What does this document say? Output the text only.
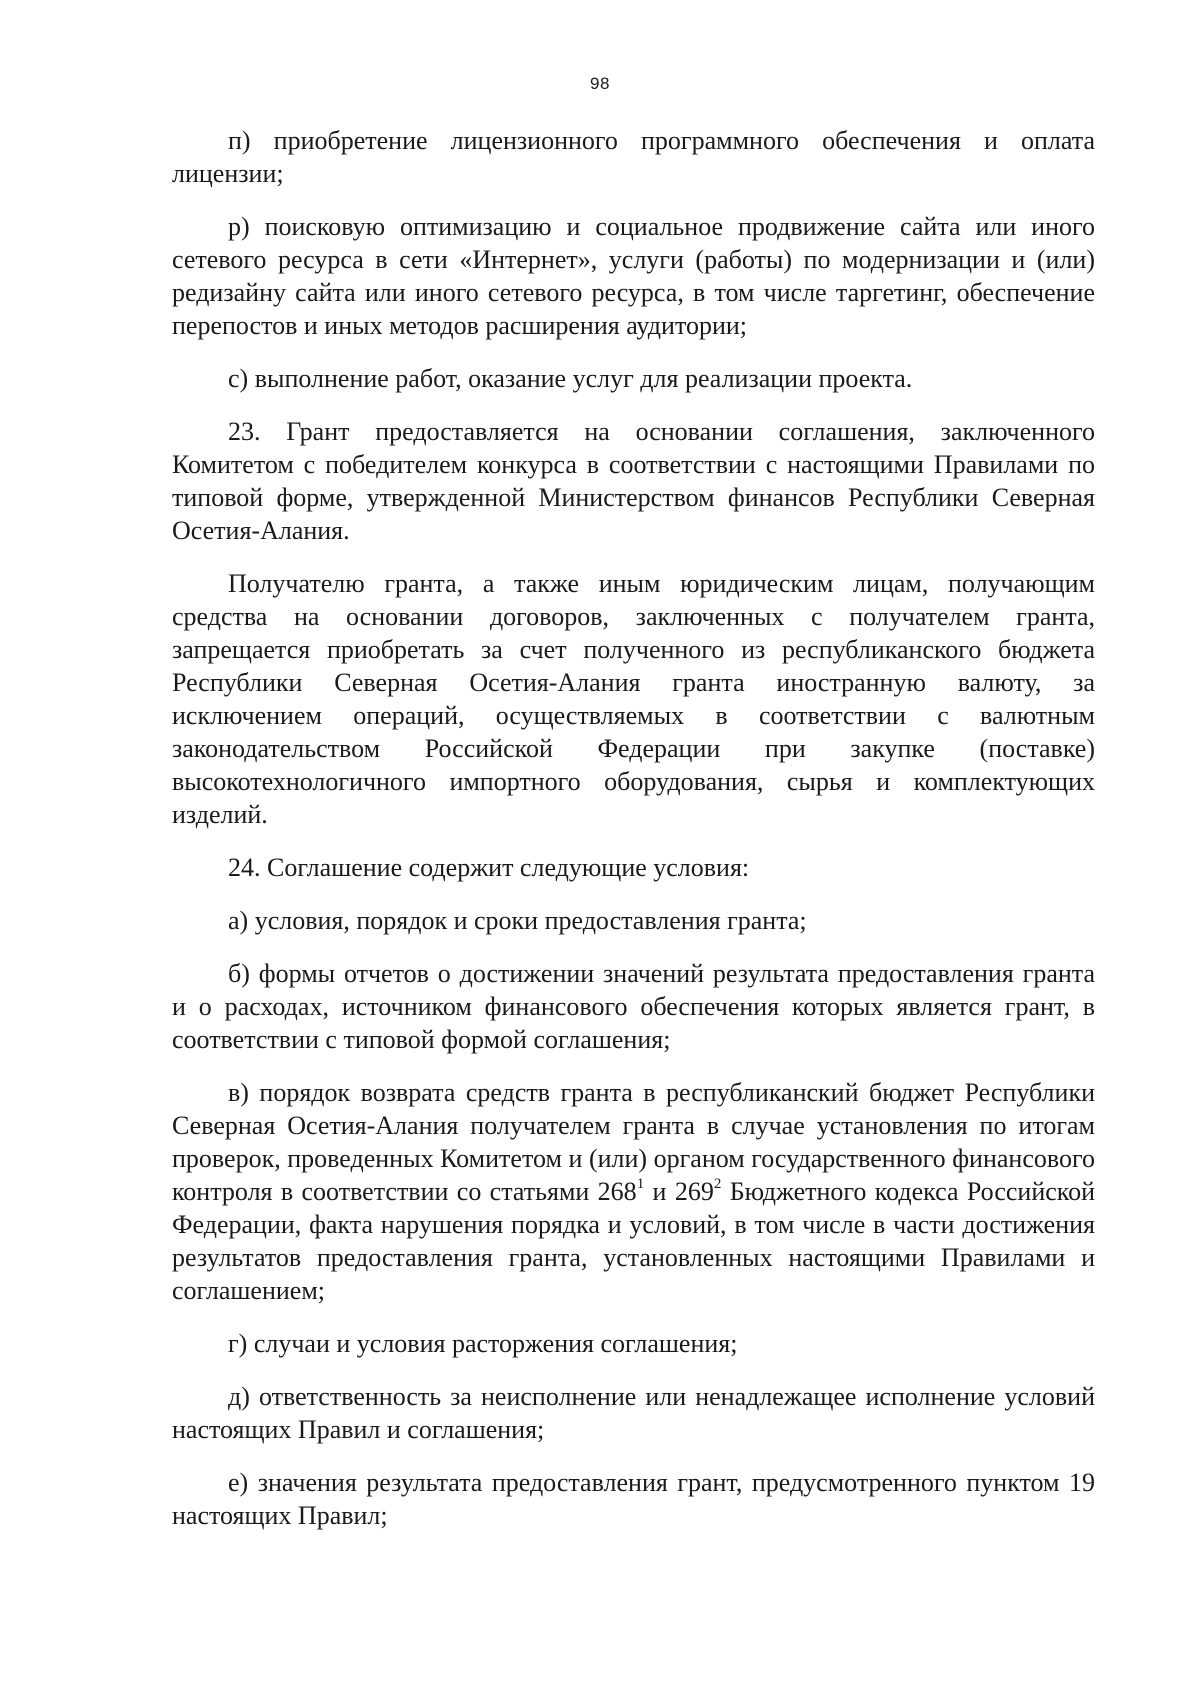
98

п) приобретение лицензионного программного обеспечения и оплата лицензии;

р) поисковую оптимизацию и социальное продвижение сайта или иного сетевого ресурса в сети «Интернет», услуги (работы) по модернизации и (или) редизайну сайта или иного сетевого ресурса, в том числе таргетинг, обеспечение перепостов и иных методов расширения аудитории;

с) выполнение работ, оказание услуг для реализации проекта.

23. Грант предоставляется на основании соглашения, заключенного Комитетом с победителем конкурса в соответствии с настоящими Правилами по типовой форме, утвержденной Министерством финансов Республики Северная Осетия-Алания.

Получателю гранта, а также иным юридическим лицам, получающим средства на основании договоров, заключенных с получателем гранта, запрещается приобретать за счет полученного из республиканского бюджета Республики Северная Осетия-Алания гранта иностранную валюту, за исключением операций, осуществляемых в соответствии с валютным законодательством Российской Федерации при закупке (поставке) высокотехнологичного импортного оборудования, сырья и комплектующих изделий.

24. Соглашение содержит следующие условия:

а) условия, порядок и сроки предоставления гранта;

б) формы отчетов о достижении значений результата предоставления гранта и о расходах, источником финансового обеспечения которых является грант, в соответствии с типовой формой соглашения;

в) порядок возврата средств гранта в республиканский бюджет Республики Северная Осетия-Алания получателем гранта в случае установления по итогам проверок, проведенных Комитетом и (или) органом государственного финансового контроля в соответствии со статьями $268^1$ и $269^2$ Бюджетного кодекса Российской Федерации, факта нарушения порядка и условий, в том числе в части достижения результатов предоставления гранта, установленных настоящими Правилами и соглашением;

г) случаи и условия расторжения соглашения;

д) ответственность за неисполнение или ненадлежащее исполнение условий настоящих Правил и соглашения;

е) значения результата предоставления грант, предусмотренного пунктом 19 настоящих Правил;
